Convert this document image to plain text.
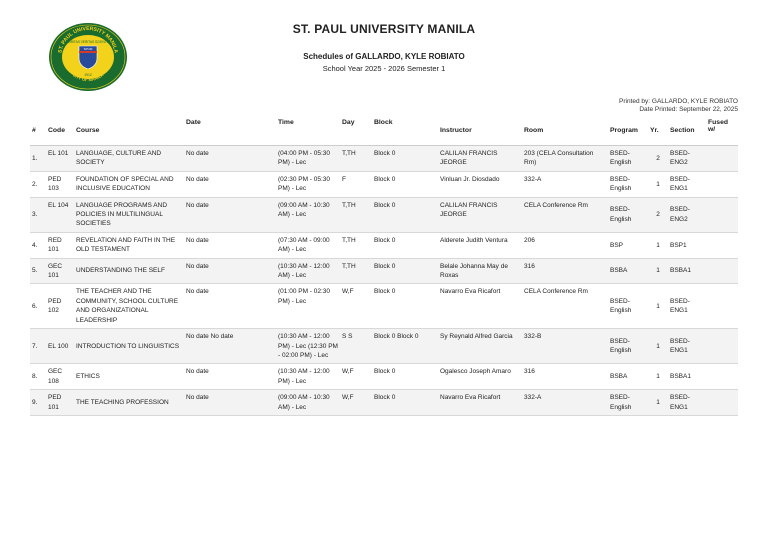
ST. PAUL UNIVERSITY MANILA
CITY OF MANILA
CARITAS VERITAS SCIENTIA
SPUM
1912
ST. PAUL UNIVERSITY MANILA
Schedules of GALLARDO, KYLE ROBIATO
School Year 2025 - 2026 Semester 1
Printed by: GALLARDO, KYLE ROBIATO
Date Printed: September 22, 2025
#	Code	Course	Date	Time	Day	Block	Instructor	Room	Program	Yr.	Section	Fused w/
1.	EL 101	LANGUAGE, CULTURE AND SOCIETY	No date	(04:00 PM - 05:30 PM) - Lec	T,TH	Block 0	CALILAN FRANCIS JEORGE	203 (CELA Consultation Rm)	BSED-English	2	BSED-ENG2	
2.	PED 103	FOUNDATION OF SPECIAL AND INCLUSIVE EDUCATION	No date	(02:30 PM - 05:30 PM) - Lec	F	Block 0	Vinluan Jr. Diosdado	332-A	BSED-English	1	BSED-ENG1	
3.	EL 104	LANGUAGE PROGRAMS AND POLICIES IN MULTILINGUAL SOCIETIES	No date	(09:00 AM - 10:30 AM) - Lec	T,TH	Block 0	CALILAN FRANCIS JEORGE	CELA Conference Rm	BSED-English	2	BSED-ENG2	
4.	RED 101	REVELATION AND FAITH IN THE OLD TESTAMENT	No date	(07:30 AM - 09:00 AM) - Lec	T,TH	Block 0	Alderete Judith Ventura	206	BSP	1	BSP1	
5.	GEC 101	UNDERSTANDING THE SELF	No date	(10:30 AM - 12:00 AM) - Lec	T,TH	Block 0	Belale Johanna May de Roxas	316	BSBA	1	BSBA1	
6.	PED 102	THE TEACHER AND THE COMMUNITY, SCHOOL CULTURE AND ORGANIZATIONAL LEADERSHIP	No date	(01:00 PM - 02:30 PM) - Lec	W,F	Block 0	Navarro Eva Ricafort	CELA Conference Rm	BSED-English	1	BSED-ENG1	
7.	EL 100	INTRODUCTION TO LINGUISTICS	No date No date	(10:30 AM - 12:00 PM) - Lec (12:30 PM - 02:00 PM) - Lec	S S	Block 0 Block 0	Sy Reynald Alfred Garcia	332-B	BSED-English	1	BSED-ENG1	
8.	GEC 108	ETHICS	No date	(10:30 AM - 12:00 PM) - Lec	W,F	Block 0	Ogalesco Joseph Amaro	316	BSBA	1	BSBA1	
9.	PED 101	THE TEACHING PROFESSION	No date	(09:00 AM - 10:30 AM) - Lec	W,F	Block 0	Navarro Eva Ricafort	332-A	BSED-English	1	BSED-ENG1	
